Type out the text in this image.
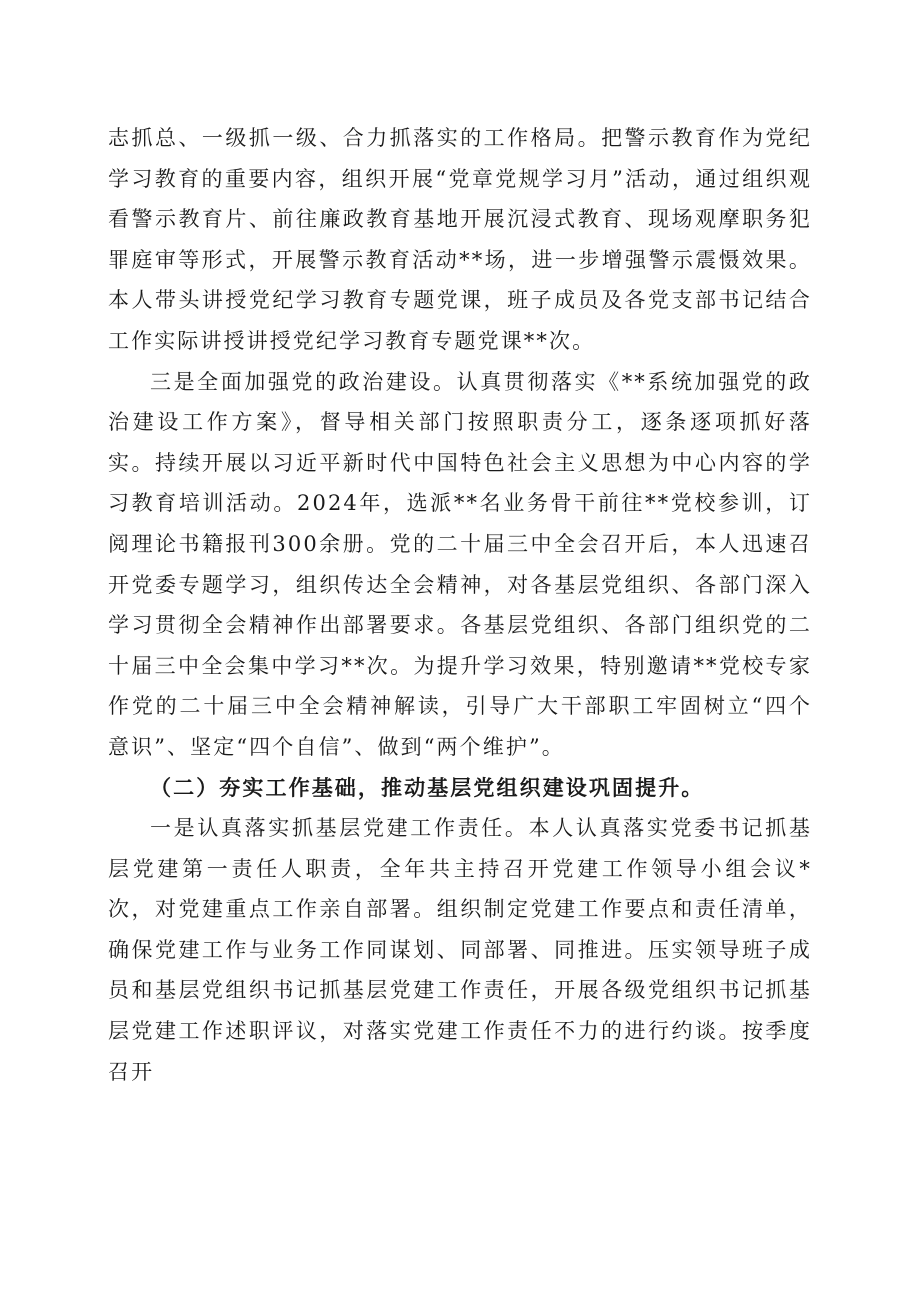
志抓总、一级抓一级、合力抓落实的工作格局。把警示教育作为党纪学习教育的重要内容，组织开展“党章党规学习月”活动，通过组织观看警示教育片、前往廉政教育基地开展沉浸式教育、现场观摩职务犯罪庭审等形式，开展警示教育活动**场，进一步增强警示震慑效果。本人带头讲授党纪学习教育专题党课，班子成员及各党支部书记结合工作实际讲授讲授党纪学习教育专题党课**次。

三是全面加强党的政治建设。认真贯彻落实《**系统加强党的政治建设工作方案》，督导相关部门按照职责分工，逐条逐项抓好落实。持续开展以习近平新时代中国特色社会主义思想为中心内容的学习教育培训活动。2024年，选派**名业务骨干前往**党校参训，订阅理论书籍报刊300余册。党的二十届三中全会召开后，本人迅速召开党委专题学习，组织传达全会精神，对各基层党组织、各部门深入学习贯彻全会精神作出部署要求。各基层党组织、各部门组织党的二十届三中全会集中学习**次。为提升学习效果，特别邀请**党校专家作党的二十届三中全会精神解读，引导广大干部职工牢固树立“四个意识”、坚定“四个自信”、做到“两个维护”。

（二）夯实工作基础，推动基层党组织建设巩固提升。

一是认真落实抓基层党建工作责任。本人认真落实党委书记抓基层党建第一责任人职责，全年共主持召开党建工作领导小组会议*次，对党建重点工作亲自部署。组织制定党建工作要点和责任清单，确保党建工作与业务工作同谋划、同部署、同推进。压实领导班子成员和基层党组织书记抓基层党建工作责任，开展各级党组织书记抓基层党建工作述职评议，对落实党建工作责任不力的进行约谈。按季度召开
